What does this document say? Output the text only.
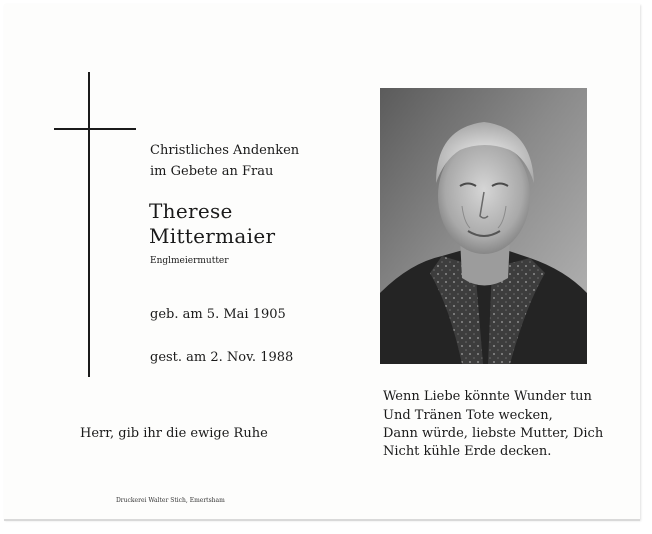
Christliches Andenken

im Gebete an Frau

Therese
Mittermaier

Englmeiermutter

geb. am 5. Mai 1905

gest. am 2. Nov. 1988

Herr, gib ihr die ewige Ruhe

Druckerei Walter Stich, Emertsham

Wenn Liebe könnte Wunder tun

Und Tränen Tote wecken,

Dann würde, liebste Mutter, Dich

Nicht kühle Erde decken.
